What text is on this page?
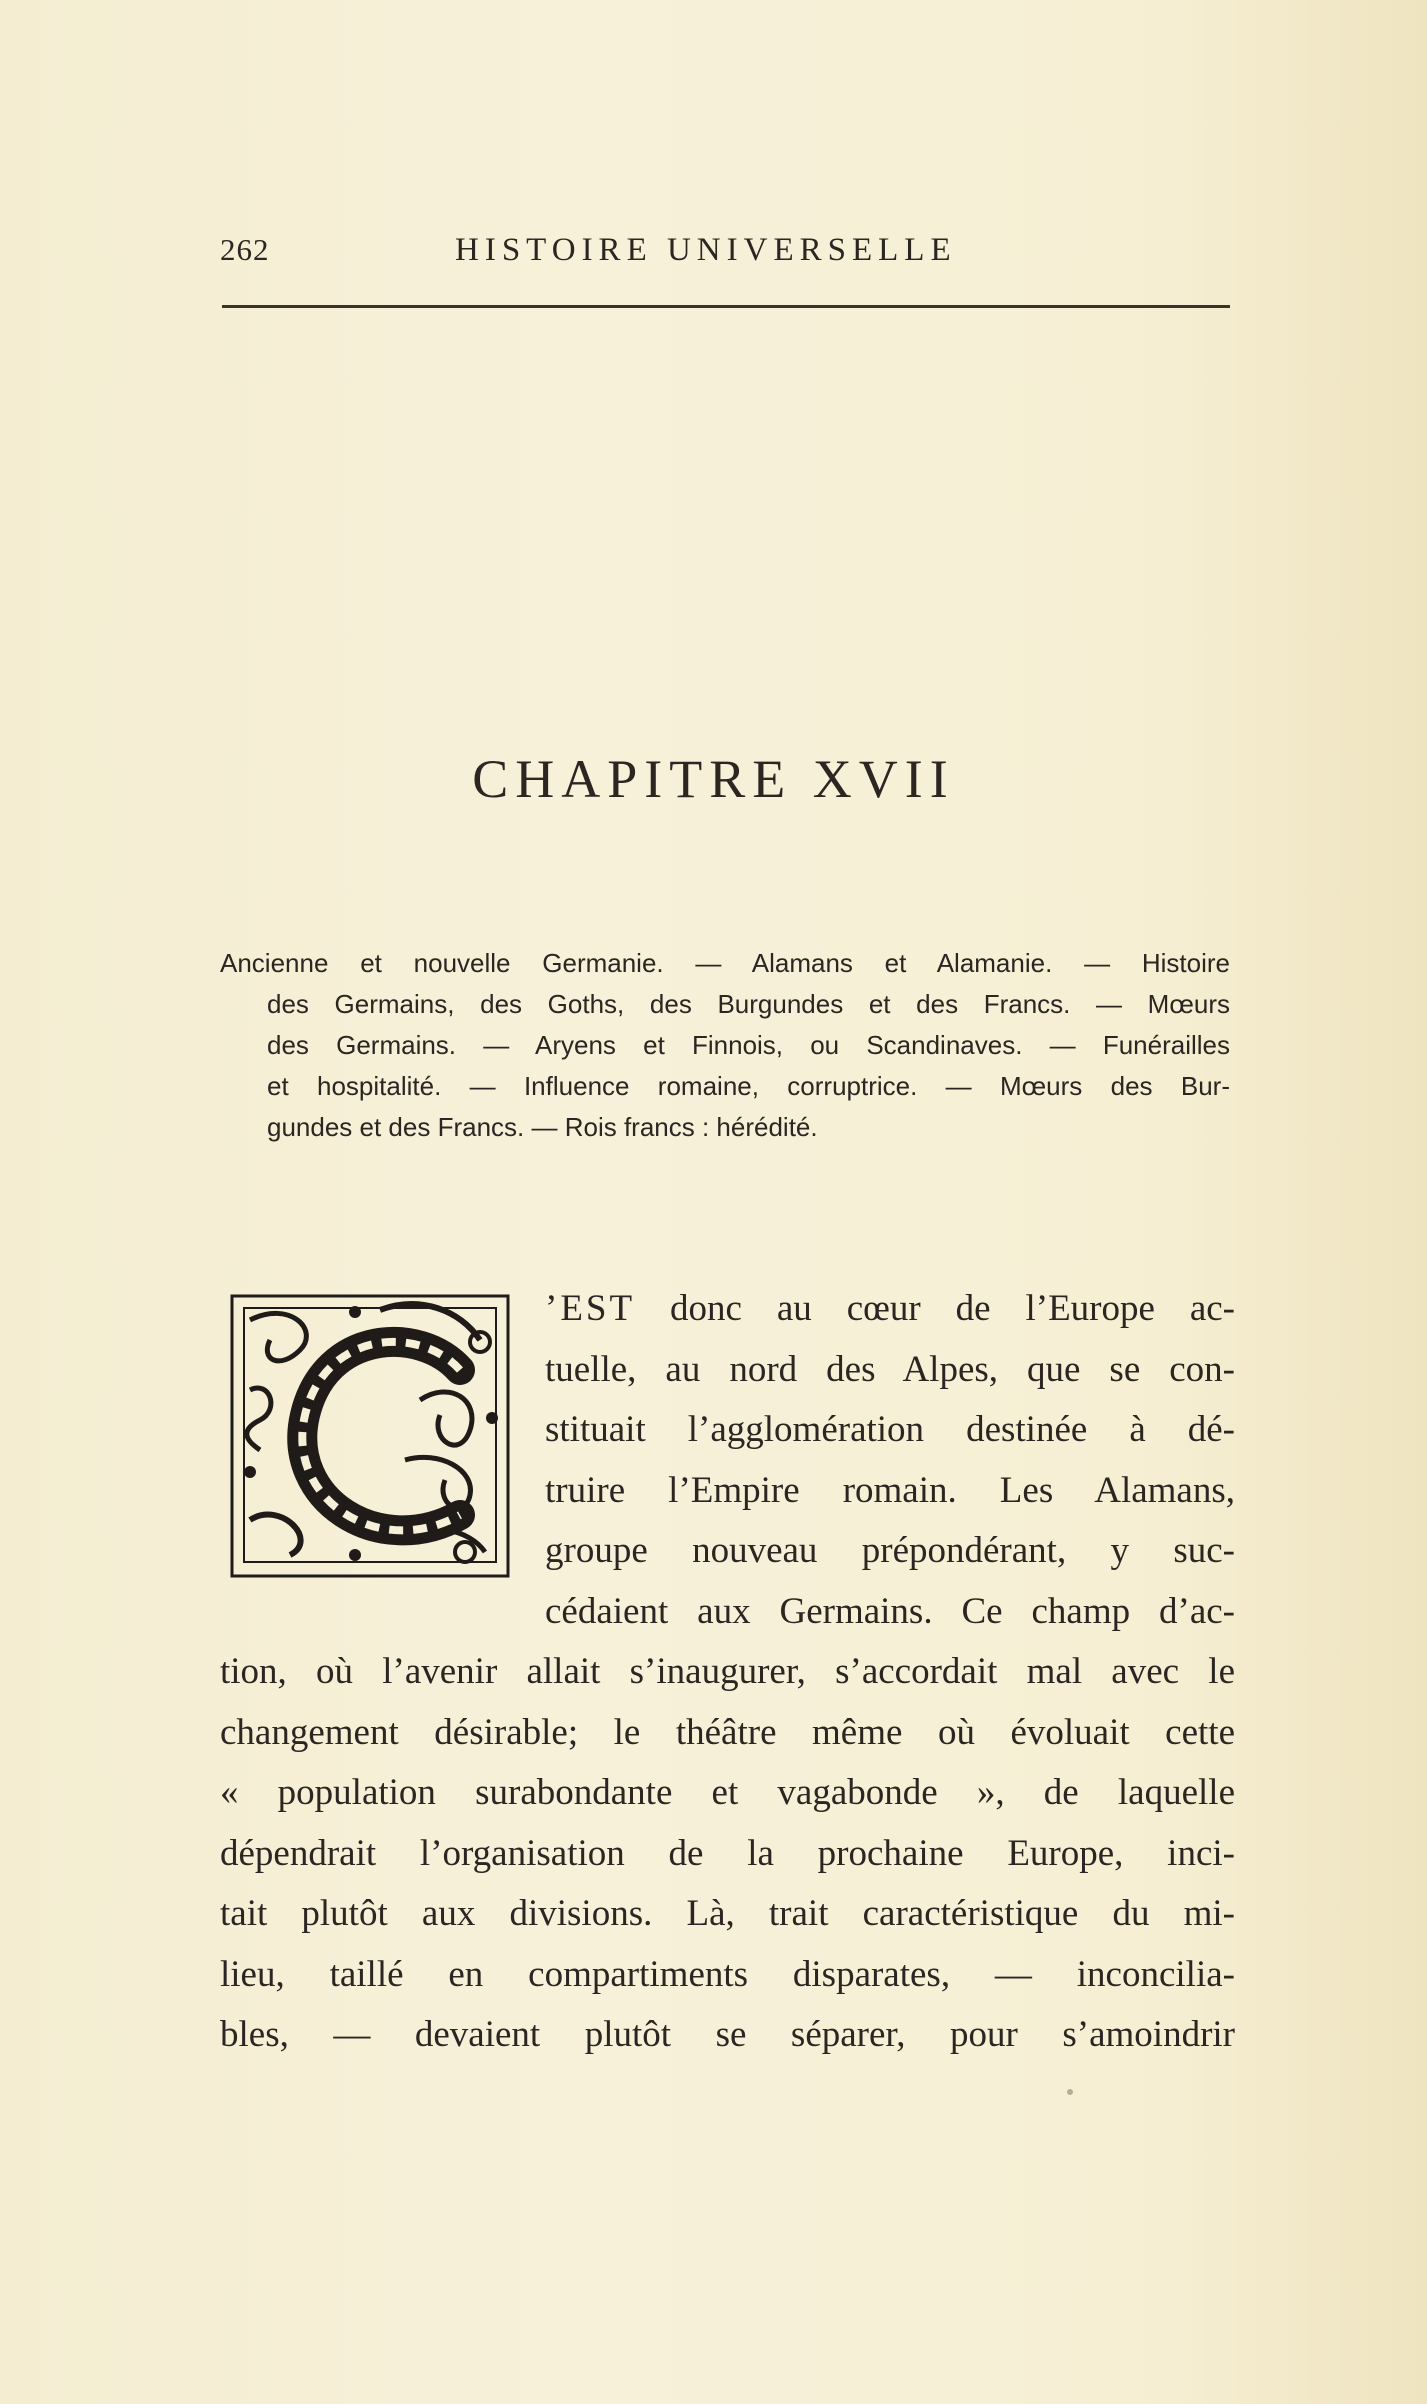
262	HISTOIRE UNIVERSELLE
CHAPITRE XVII
Ancienne et nouvelle Germanie. — Alamans et Alamanie. — Histoire
des Germains, des Goths, des Burgundes et des Francs. — Mœurs
des Germains. — Aryens et Finnois, ou Scandinaves. — Funérailles
et hospitalité. — Influence romaine, corruptrice. — Mœurs des Bur-
gundes et des Francs. — Rois francs : hérédité.
’EST donc au cœur de l’Europe ac-
tuelle, au nord des Alpes, que se con-
stituait l’agglomération destinée à dé-
truire l’Empire romain. Les Alamans,
groupe nouveau prépondérant, y suc-
cédaient aux Germains. Ce champ d’ac-
tion, où l’avenir allait s’inaugurer, s’accordait mal avec le
changement désirable; le théâtre même où évoluait cette
« population surabondante et vagabonde », de laquelle
dépendrait l’organisation de la prochaine Europe, inci-
tait plutôt aux divisions. Là, trait caractéristique du mi-
lieu, taillé en compartiments disparates, — inconcilia-
bles, — devaient plutôt se séparer, pour s’amoindrir
